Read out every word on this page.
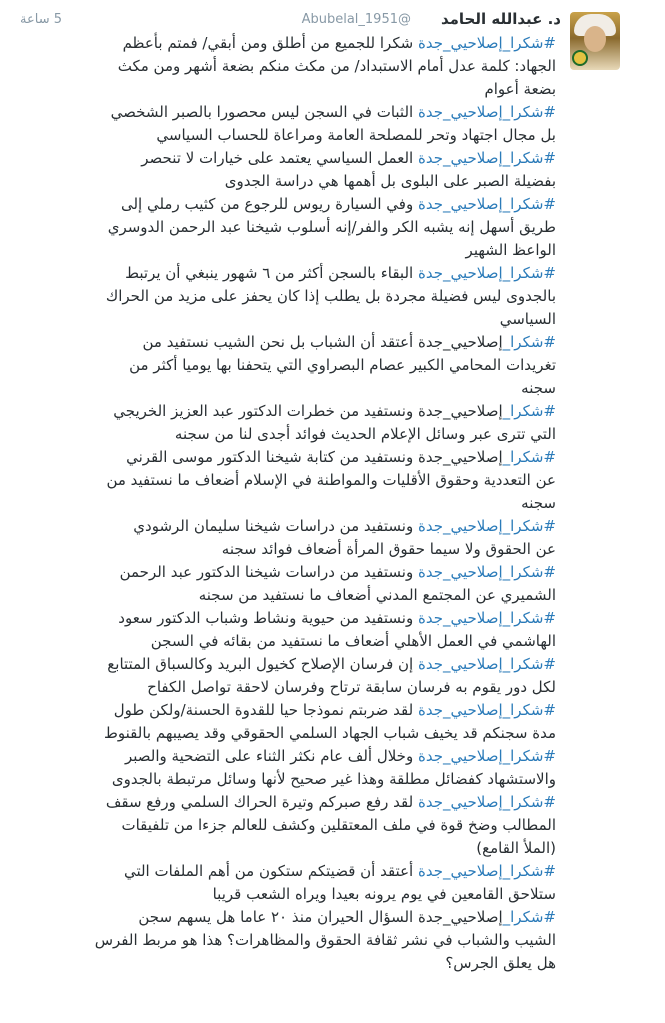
د. عبدالله الحامد
@Abubelal_1951
5 ساعة
#شكرا_إصلاحيي_جدة شكرا للجميع من أطلق ومن أبقي/ فمتم بأعظم
الجهاد: كلمة عدل أمام الاستبداد/ من مكث منكم بضعة أشهر ومن مكث
بضعة أعوام
#شكرا_إصلاحيي_جدة الثبات في السجن ليس محصورا بالصبر الشخصي
بل مجال اجتهاد وتحر للمصلحة العامة ومراعاة للحساب السياسي
#شكرا_إصلاحيي_جدة العمل السياسي يعتمد على خيارات لا تنحصر
بفضيلة الصبر على البلوى بل أهمها هي دراسة الجدوى
#شكرا_إصلاحيي_جدة وفي السيارة ريوس للرجوع من كثيب رملي إلى
طريق أسهل إنه يشبه الكر والفر/إنه أسلوب شيخنا عبد الرحمن الدوسري
الواعظ الشهير
#شكرا_إصلاحيي_جدة البقاء بالسجن أكثر من ٦ شهور ينبغي أن يرتبط
بالجدوى ليس فضيلة مجردة بل يطلب إذا كان يحفز على مزيد من الحراك
السياسي
#شكرا_إصلاحيي_جدة أعتقد أن الشباب بل نحن الشيب نستفيد من
تغريدات المحامي الكبير عصام البصراوي التي يتحفنا بها يوميا أكثر من
سجنه
#شكرا_إصلاحيي_جدة ونستفيد من خطرات الدكتور عبد العزيز الخريجي
التي تترى عبر وسائل الإعلام الحديث فوائد أجدى لنا من سجنه
#شكرا_إصلاحيي_جدة ونستفيد من كتابة شيخنا الدكتور موسى القرني
عن التعددية وحقوق الأقليات والمواطنة في الإسلام أضعاف ما نستفيد من
سجنه
#شكرا_إصلاحيي_جدة ونستفيد من دراسات شيخنا سليمان الرشودي
عن الحقوق ولا سيما حقوق المرأة أضعاف فوائد سجنه
#شكرا_إصلاحيي_جدة ونستفيد من دراسات شيخنا الدكتور عبد الرحمن
الشميري عن المجتمع المدني أضعاف ما نستفيد من سجنه
#شكرا_إصلاحيي_جدة ونستفيد من حيوية ونشاط وشباب الدكتور سعود
الهاشمي في العمل الأهلي أضعاف ما نستفيد من بقائه في السجن
#شكرا_إصلاحيي_جدة إن فرسان الإصلاح كخيول البريد وكالسباق المتتابع
لكل دور يقوم به فرسان سابقة ترتاح وفرسان لاحقة تواصل الكفاح
#شكرا_إصلاحيي_جدة لقد ضربتم نموذجا حيا للقدوة الحسنة/ولكن طول
مدة سجنكم قد يخيف شباب الجهاد السلمي الحقوقي وقد يصيبهم بالقنوط
#شكرا_إصلاحيي_جدة وخلال ألف عام نكثر الثناء على التضحية والصبر
والاستشهاد كفضائل مطلقة وهذا غير صحيح لأنها وسائل مرتبطة بالجدوى
#شكرا_إصلاحيي_جدة لقد رفع صبركم وتيرة الحراك السلمي ورفع سقف
المطالب وضخ قوة في ملف المعتقلين وكشف للعالم جزءا من تلفيقات
(الملأ القامع)
#شكرا_إصلاحيي_جدة أعتقد أن قضيتكم ستكون من أهم الملفات التي
ستلاحق القامعين في يوم يرونه بعيدا ويراه الشعب قريبا
#شكرا_إصلاحيي_جدة السؤال الحيران منذ ٢٠ عاما هل يسهم سجن
الشيب والشباب في نشر ثقافة الحقوق والمظاهرات؟ هذا هو مربط الفرس
هل يعلق الجرس؟
